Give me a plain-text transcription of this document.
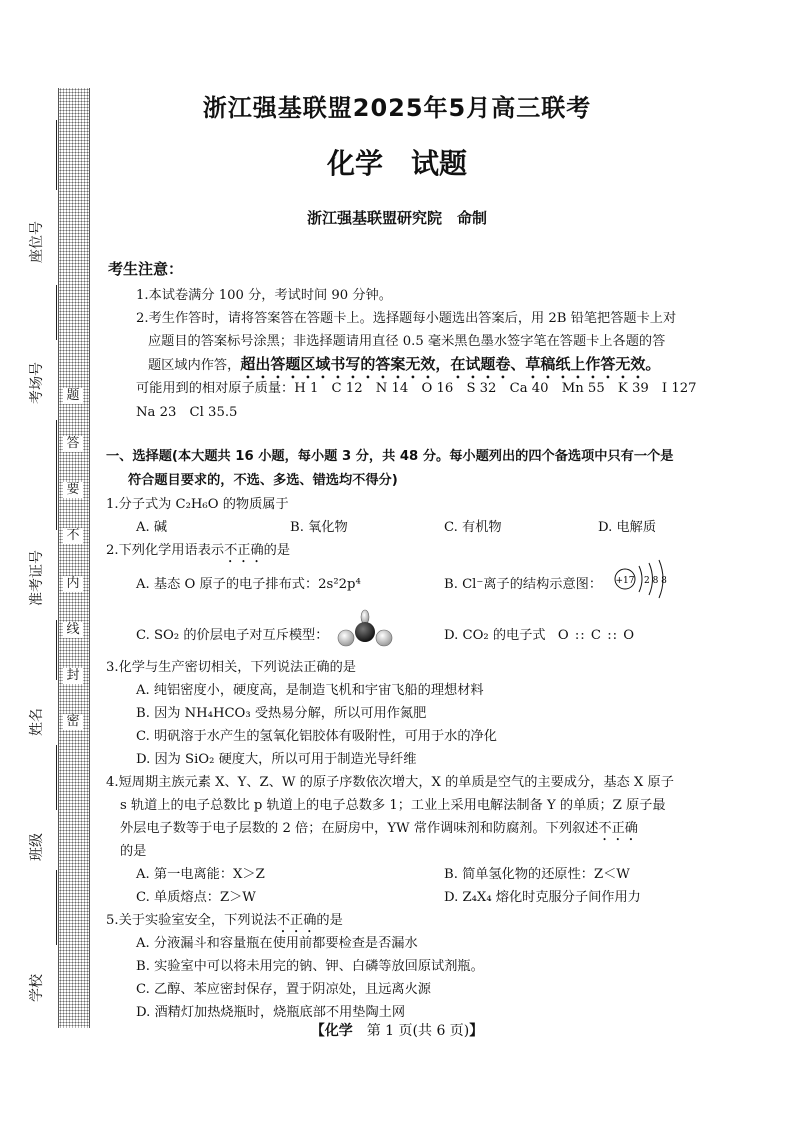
题
答
要
不
内
线
封
密
座位号
考场号
准考证号
姓名
班级
学校
浙江强基联盟2025年5月高三联考
化学　试题
浙江强基联盟研究院　命制
考生注意：
1.本试卷满分 100 分，考试时间 90 分钟。
2.考生作答时，请将答案答在答题卡上。选择题每小题选出答案后，用 2B 铅笔把答题卡上对
应题目的答案标号涂黑；非选择题请用直径 0.5 毫米黑色墨水签字笔在答题卡上各题的答
题区域内作答，超出答题区域书写的答案无效，在试题卷、草稿纸上作答无效。
可能用到的相对原子质量：H 1　C 12　N 14　O 16　S 32　Ca 40　Mn 55　K 39　I 127
Na 23　Cl 35.5
一、选择题(本大题共 16 小题，每小题 3 分，共 48 分。每小题列出的四个备选项中只有一个是
符合题目要求的，不选、多选、错选均不得分)
1.分子式为 C₂H₆O 的物质属于
A. 碱	B. 氧化物	C. 有机物	D. 电解质
2.下列化学用语表示不正确的是
A. 基态 O 原子的电子排布式：2s²2p⁴	B. Cl⁻离子的结构示意图： +17 2 8 8
C. SO₂ 的价层电子对互斥模型：	D. CO₂ 的电子式 O :: C :: O
3.化学与生产密切相关，下列说法正确的是
A. 纯铝密度小，硬度高，是制造飞机和宇宙飞船的理想材料
B. 因为 NH₄HCO₃ 受热易分解，所以可用作氮肥
C. 明矾溶于水产生的氢氧化铝胶体有吸附性，可用于水的净化
D. 因为 SiO₂ 硬度大，所以可用于制造光导纤维
4.短周期主族元素 X、Y、Z、W 的原子序数依次增大，X 的单质是空气的主要成分，基态 X 原子
s 轨道上的电子总数比 p 轨道上的电子总数多 1；工业上采用电解法制备 Y 的单质；Z 原子最
外层电子数等于电子层数的 2 倍；在厨房中，YW 常作调味剂和防腐剂。下列叙述不正确
的是
A. 第一电离能：X＞Z	B. 简单氢化物的还原性：Z＜W
C. 单质熔点：Z＞W	D. Z₄X₄ 熔化时克服分子间作用力
5.关于实验室安全，下列说法不正确的是
A. 分液漏斗和容量瓶在使用前都要检查是否漏水
B. 实验室中可以将未用完的钠、钾、白磷等放回原试剂瓶。
C. 乙醇、苯应密封保存，置于阴凉处，且远离火源
D. 酒精灯加热烧瓶时，烧瓶底部不用垫陶土网
【化学　第 1 页(共 6 页)】
